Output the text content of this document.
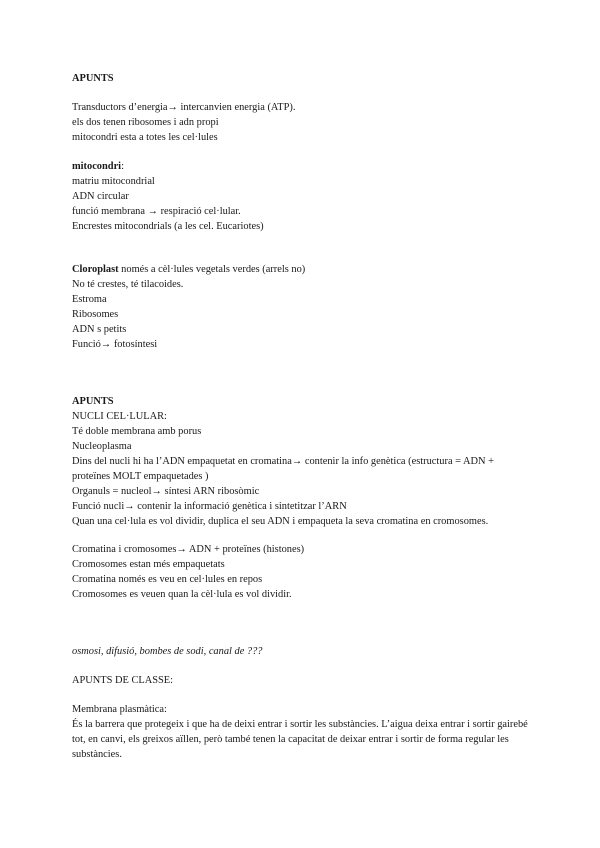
APUNTS
Transductors d’energia→ intercanvien energia (ATP).
els dos tenen ribosomes i adn propi
mitocondri esta a totes les cel·lules
mitocondri:
matriu mitocondrial
ADN circular
funció membrana → respiració cel·lular.
Encrestes mitocondrials (a les cel. Eucariotes)
Cloroplast només a cèl·lules vegetals verdes (arrels no)
No té crestes, té tilacoides.
Estroma
Ribosomes
ADN s petits
Funció→ fotosíntesi
APUNTS
NUCLI CEL·LULAR:
Té doble membrana amb porus
Nucleoplasma
Dins del nucli hi ha l’ADN empaquetat en cromatina→ contenir la info genètica (estructura = ADN + proteïnes MOLT empaquetades )
Organuls = nucleol→ síntesi ARN ribosòmic
Funció nucli→ contenir la informació genètica i sintetitzar l’ARN
Quan una cel·lula es vol dividir, duplica el seu ADN i empaqueta la seva cromatina en cromosomes.
Cromatina i cromosomes→ ADN + proteïnes (histones)
Cromosomes estan més empaquetats
Cromatina només es veu en cel·lules en repos
Cromosomes es veuen quan la cèl·lula es vol dividir.
osmosi, difusió, bombes de sodi, canal de ???
APUNTS DE CLASSE:
Membrana plasmàtica:
És la barrera que protegeix i que ha de deixi entrar i sortir les substàncies. L’aigua deixa entrar i sortir gairebé tot, en canvi, els greixos aïllen, però també tenen la capacitat de deixar entrar i sortir de forma regular les substàncies.
